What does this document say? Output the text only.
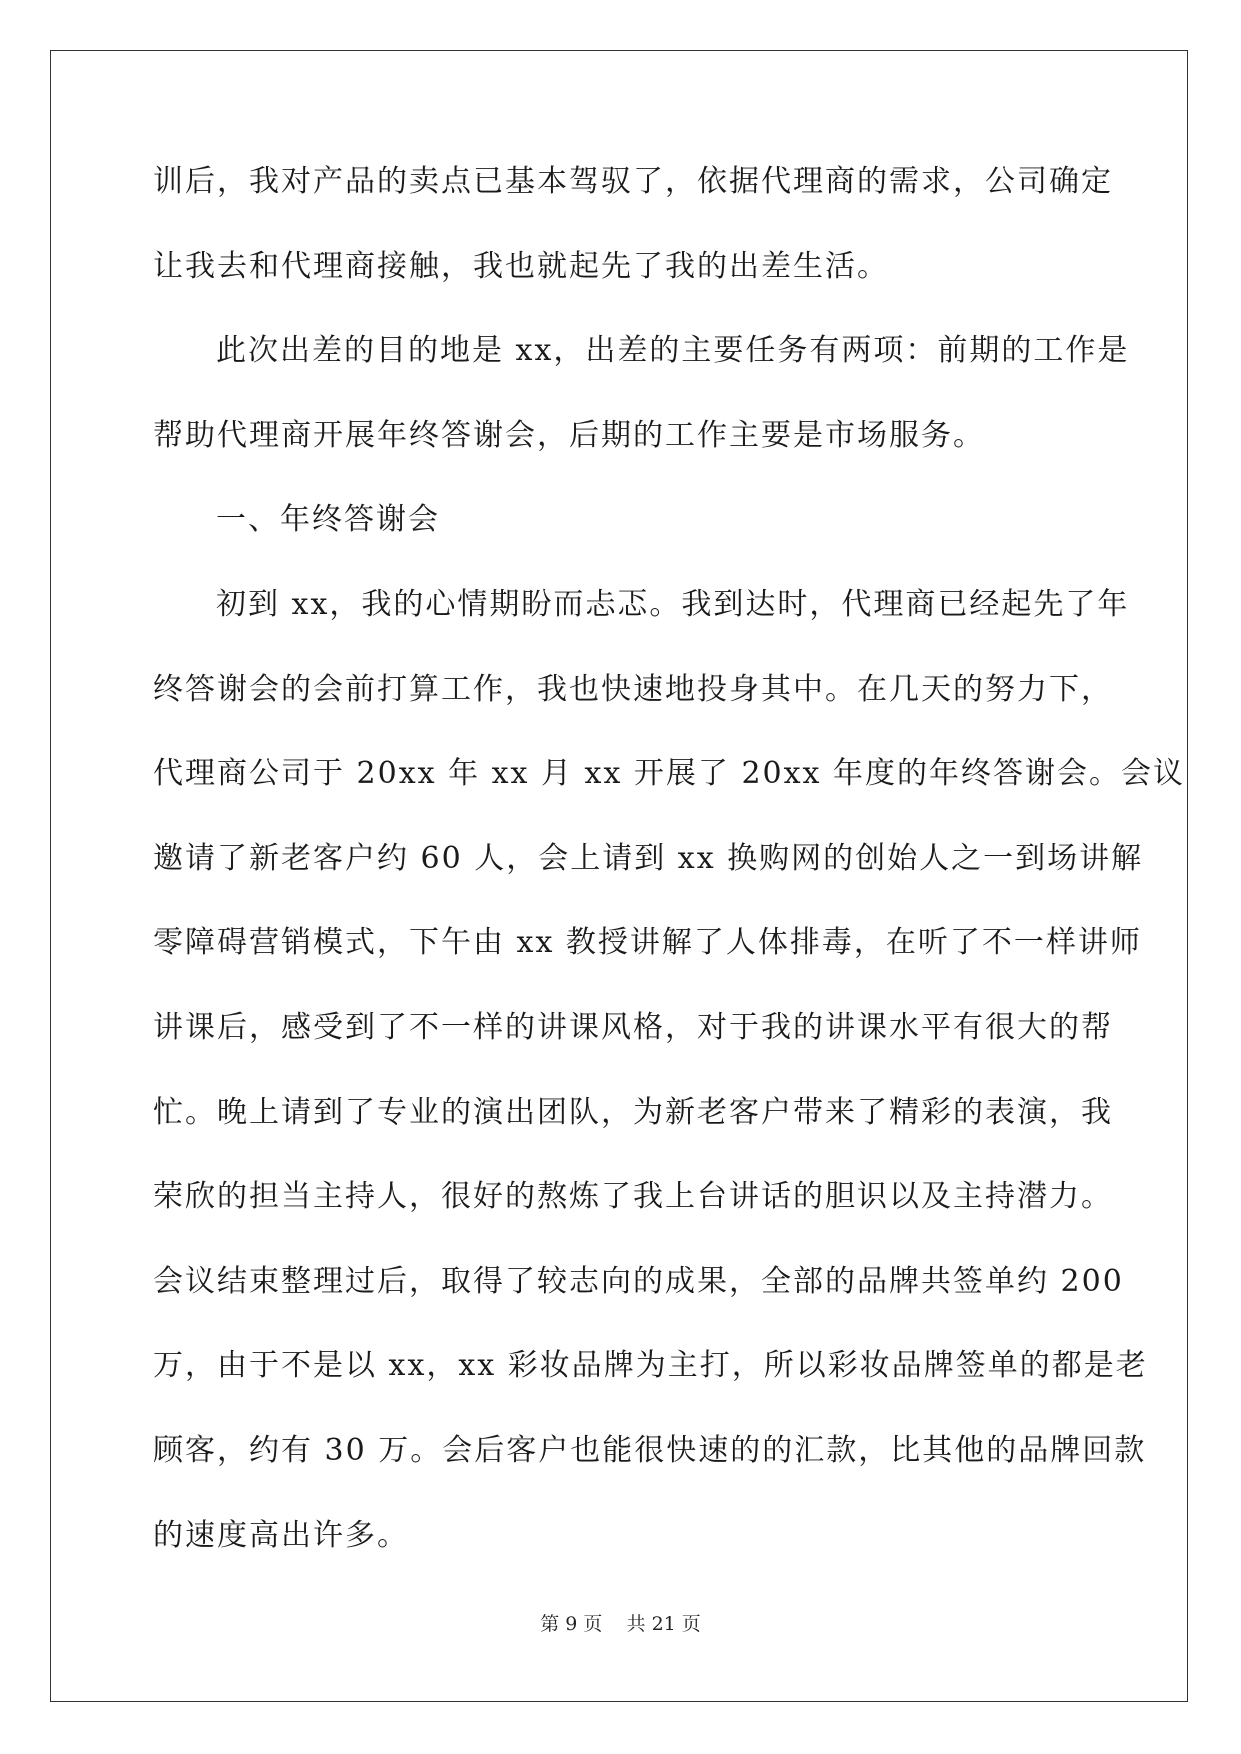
训后，我对产品的卖点已基本驾驭了，依据代理商的需求，公司确定
让我去和代理商接触，我也就起先了我的出差生活。
此次出差的目的地是 xx，出差的主要任务有两项：前期的工作是
帮助代理商开展年终答谢会，后期的工作主要是市场服务。
一、年终答谢会
初到 xx，我的心情期盼而忐忑。我到达时，代理商已经起先了年
终答谢会的会前打算工作，我也快速地投身其中。在几天的努力下，
代理商公司于 20xx 年 xx 月 xx 开展了 20xx 年度的年终答谢会。会议
邀请了新老客户约 60 人，会上请到 xx 换购网的创始人之一到场讲解
零障碍营销模式，下午由 xx 教授讲解了人体排毒，在听了不一样讲师
讲课后，感受到了不一样的讲课风格，对于我的讲课水平有很大的帮
忙。晚上请到了专业的演出团队，为新老客户带来了精彩的表演，我
荣欣的担当主持人，很好的熬炼了我上台讲话的胆识以及主持潜力。
会议结束整理过后，取得了较志向的成果，全部的品牌共签单约 200
万，由于不是以 xx，xx 彩妆品牌为主打，所以彩妆品牌签单的都是老
顾客，约有 30 万。会后客户也能很快速的的汇款，比其他的品牌回款
的速度高出许多。
第 9 页 共 21 页
